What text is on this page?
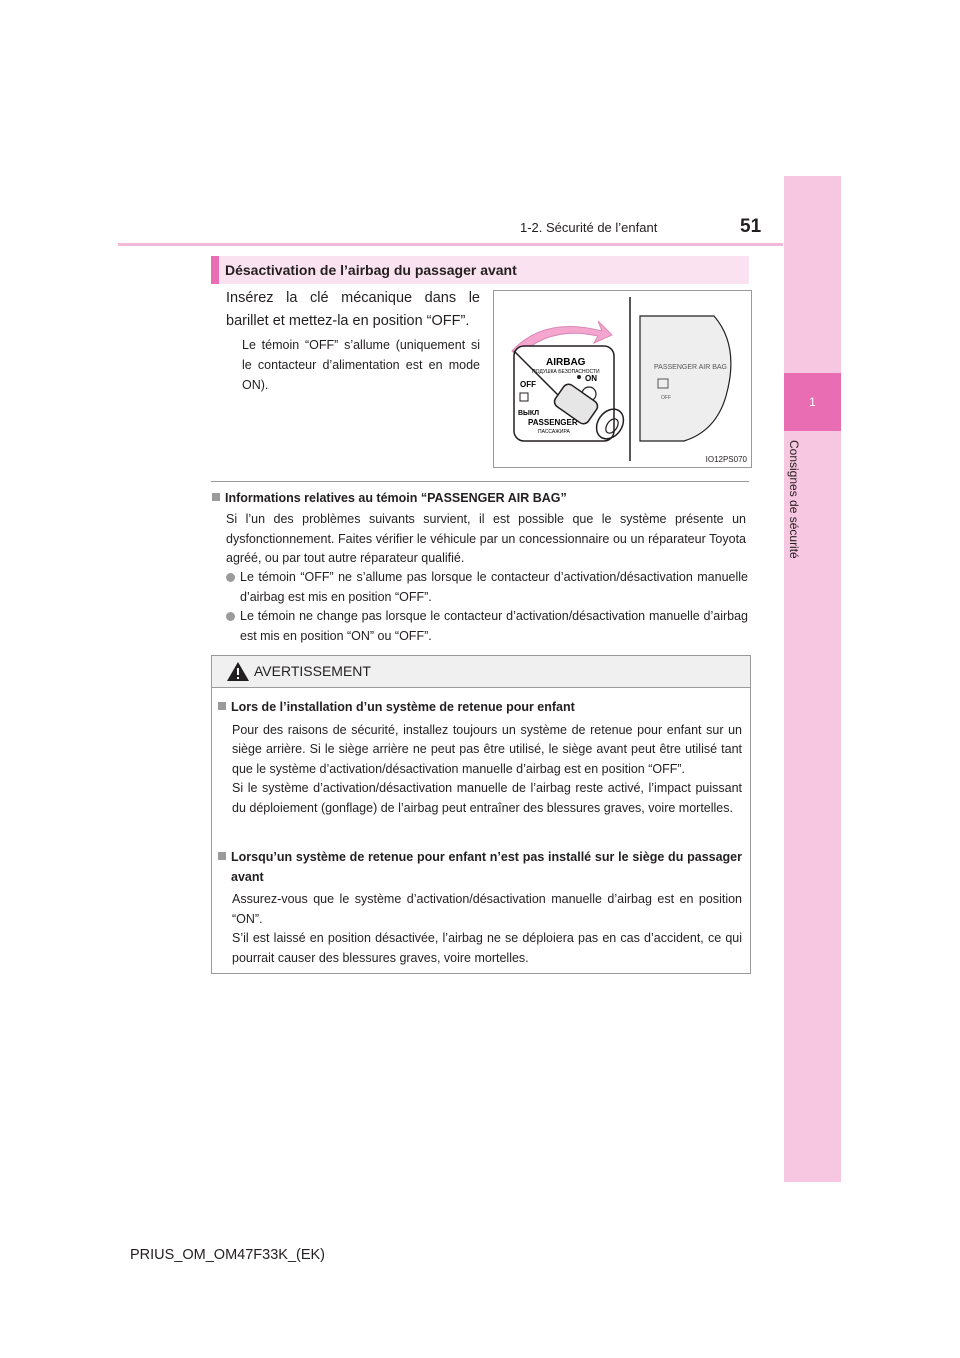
1-2. Sécurité de l’enfant	51
1
Consignes de sécurité
Désactivation de l’airbag du passager avant
Insérez la clé mécanique dans le barillet et mettez-la en position “OFF”.
Le témoin “OFF” s’allume (uniquement si le contacteur d’alimentation est en mode ON).
AIRBAG
ПОДУШКА БЕЗОПАСНОСТИ
OFF
ВЫКЛ
ON
PASSENGER
ПАССАЖИРА
PASSENGER AIR BAG
OFF
IO12PS070
Informations relatives au témoin “PASSENGER AIR BAG”
Si l’un des problèmes suivants survient, il est possible que le système présente un dysfonctionnement. Faites vérifier le véhicule par un concessionnaire ou un réparateur Toyota agréé, ou par tout autre réparateur qualifié.
Le témoin “OFF” ne s’allume pas lorsque le contacteur d’activation/désactivation manuelle d’airbag est mis en position “OFF”.
Le témoin ne change pas lorsque le contacteur d’activation/désactivation manuelle d’airbag est mis en position “ON” ou “OFF”.
AVERTISSEMENT
Lors de l’installation d’un système de retenue pour enfant
Pour des raisons de sécurité, installez toujours un système de retenue pour enfant sur un siège arrière. Si le siège arrière ne peut pas être utilisé, le siège avant peut être utilisé tant que le système d’activation/désactivation manuelle d’airbag est en position “OFF”.
Si le système d’activation/désactivation manuelle de l’airbag reste activé, l’impact puissant du déploiement (gonflage) de l’airbag peut entraîner des blessures graves, voire mortelles.
Lorsqu’un système de retenue pour enfant n’est pas installé sur le siège du passager avant
Assurez-vous que le système d’activation/désactivation manuelle d’airbag est en position “ON”.
S’il est laissé en position désactivée, l’airbag ne se déploiera pas en cas d’accident, ce qui pourrait causer des blessures graves, voire mortelles.
PRIUS_OM_OM47F33K_(EK)
